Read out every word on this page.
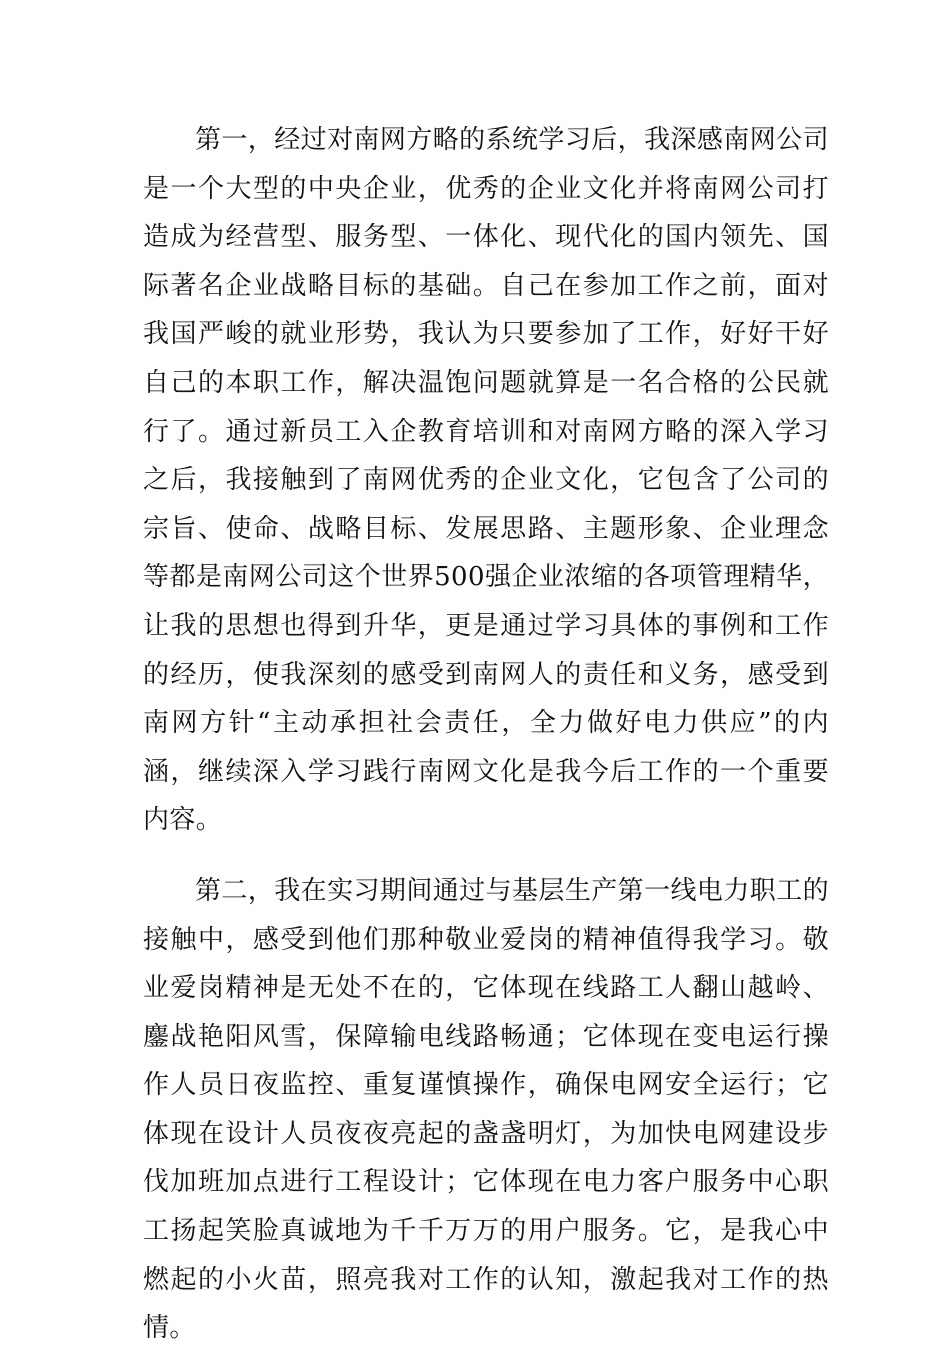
第一，经过对南网方略的系统学习后，我深感南网公司是一个大型的中央企业，优秀的企业文化并将南网公司打造成为经营型、服务型、一体化、现代化的国内领先、国际著名企业战略目标的基础。自己在参加工作之前，面对我国严峻的就业形势，我认为只要参加了工作，好好干好自己的本职工作，解决温饱问题就算是一名合格的公民就行了。通过新员工入企教育培训和对南网方略的深入学习之后，我接触到了南网优秀的企业文化，它包含了公司的宗旨、使命、战略目标、发展思路、主题形象、企业理念等都是南网公司这个世界500强企业浓缩的各项管理精华，让我的思想也得到升华，更是通过学习具体的事例和工作的经历，使我深刻的感受到南网人的责任和义务，感受到南网方针“主动承担社会责任，全力做好电力供应”的内涵，继续深入学习践行南网文化是我今后工作的一个重要内容。

第二，我在实习期间通过与基层生产第一线电力职工的接触中，感受到他们那种敬业爱岗的精神值得我学习。敬业爱岗精神是无处不在的，它体现在线路工人翻山越岭、鏖战艳阳风雪，保障输电线路畅通；它体现在变电运行操作人员日夜监控、重复谨慎操作，确保电网安全运行；它体现在设计人员夜夜亮起的盏盏明灯，为加快电网建设步伐加班加点进行工程设计；它体现在电力客户服务中心职工扬起笑脸真诚地为千千万万的用户服务。它，是我心中燃起的小火苗，照亮我对工作的认知，激起我对工作的热情。
